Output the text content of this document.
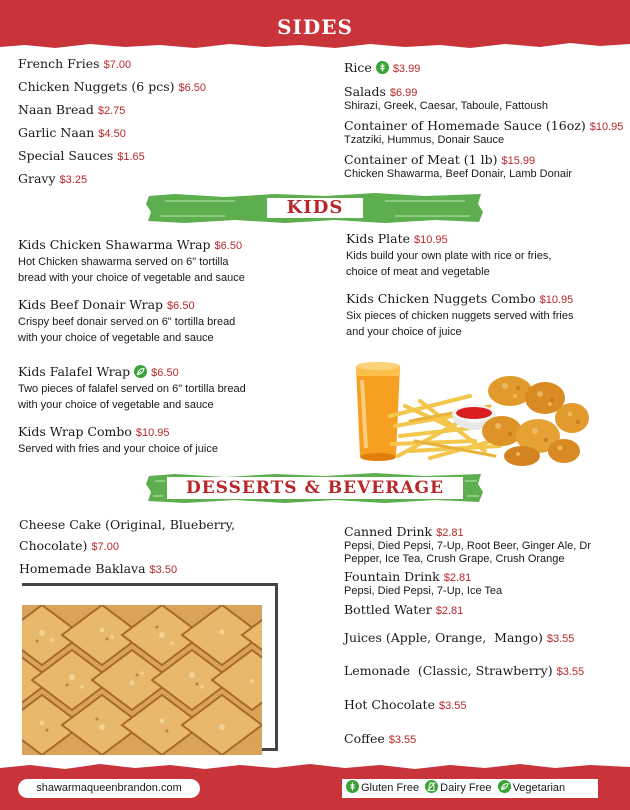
SIDES
French Fries $7.00
Chicken Nuggets (6 pcs) $6.50
Naan Bread $2.75
Garlic Naan $4.50
Special Sauces $1.65
Gravy $3.25
Rice $3.99
Salads $6.99
Shirazi, Greek, Caesar, Taboule, Fattoush
Container of Homemade Sauce (16oz) $10.95
Tzatziki, Hummus, Donair Sauce
Container of Meat (1 lb) $15.99
Chicken Shawarma, Beef Donair, Lamb Donair
KIDS
Kids Chicken Shawarma Wrap $6.50
Hot Chicken shawarma served on 6" tortilla
bread with your choice of vegetable and sauce
Kids Beef Donair Wrap $6.50
Crispy beef donair served on 6" tortilla bread
with your choice of vegetable and sauce
Kids Falafel Wrap $6.50
Two pieces of falafel served on 6" tortilla bread
with your choice of vegetable and sauce
Kids Wrap Combo $10.95
Served with fries and your choice of juice
Kids Plate $10.95
Kids build your own plate with rice or fries,
choice of meat and vegetable
Kids Chicken Nuggets Combo $10.95
Six pieces of chicken nuggets served with fries
and your choice of juice
DESSERTS & BEVERAGE
Cheese Cake (Original, Blueberry,
Chocolate) $7.00
Homemade Baklava $3.50
Canned Drink $2.81
Pepsi, Died Pepsi, 7-Up, Root Beer, Ginger Ale, Dr
Pepper, Ice Tea, Crush Grape, Crush Orange
Fountain Drink $2.81
Pepsi, Died Pepsi, 7-Up, Ice Tea
Bottled Water $2.81
Juices (Apple, Orange,  Mango) $3.55
Lemonade  (Classic, Strawberry) $3.55
Hot Chocolate $3.55
Coffee $3.55
shawarmaqueenbrandon.com	Gluten Free Dairy Free Vegetarian
